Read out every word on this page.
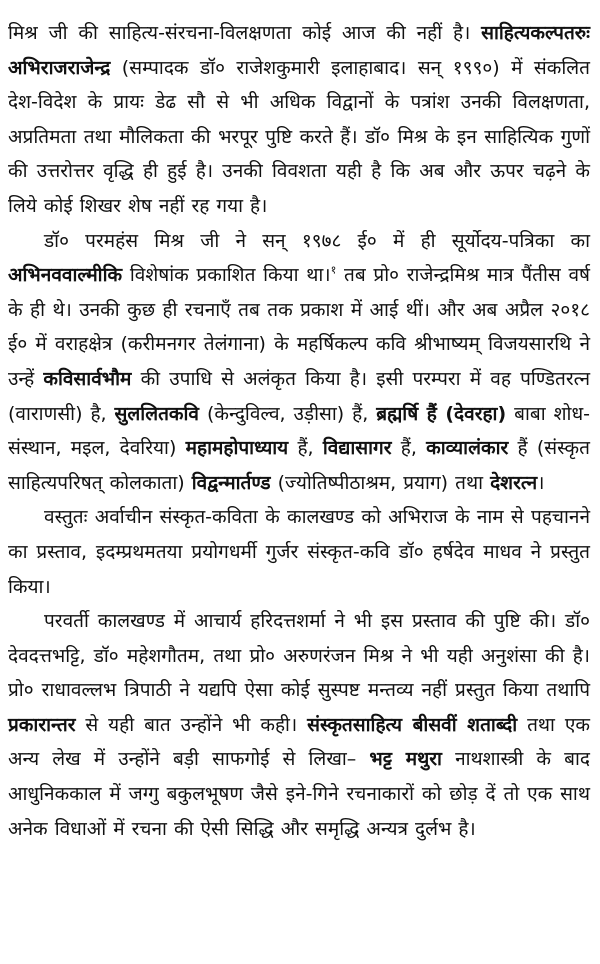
मिश्र जी की साहित्य-संरचना-विलक्षणता कोई आज की नहीं है। साहित्यकल्पतरुः अभिराजराजेन्द्र (सम्पादक डॉ० राजेशकुमारी इलाहाबाद। सन् १९९०) में संकलित देश-विदेश के प्रायः डेढ सौ से भी अधिक विद्वानों के पत्रांश उनकी विलक्षणता, अप्रतिमता तथा मौलिकता की भरपूर पुष्टि करते हैं। डॉ० मिश्र के इन साहित्यिक गुणों की उत्तरोत्तर वृद्धि ही हुई है। उनकी विवशता यही है कि अब और ऊपर चढ़ने के लिये कोई शिखर शेष नहीं रह गया है।

डॉ० परमहंस मिश्र जी ने सन् १९७८ ई० में ही सूर्योदय-पत्रिका का अभिनववाल्मीकि विशेषांक प्रकाशित किया था।$^१$ तब प्रो० राजेन्द्रमिश्र मात्र पैंतीस वर्ष के ही थे। उनकी कुछ ही रचनाएँ तब तक प्रकाश में आई थीं। और अब अप्रैल २०१८ ई० में वराहक्षेत्र (करीमनगर तेलंगाना) के महर्षिकल्प कवि श्रीभाष्यम् विजयसारथि ने उन्हें कविसार्वभौम की उपाधि से अलंकृत किया है। इसी परम्परा में वह पण्डितरत्न (वाराणसी) है, सुललितकवि (केन्दुविल्व, उड़ीसा) हैं, ब्रह्मर्षि हैं (देवरहा) बाबा शोध-संस्थान, मइल, देवरिया) महामहोपाध्याय हैं, विद्यासागर हैं, काव्यालंकार हैं (संस्कृत साहित्यपरिषत् कोलकाता) विद्वन्मार्तण्ड (ज्योतिष्पीठाश्रम, प्रयाग) तथा देशरत्न।

वस्तुतः अर्वाचीन संस्कृत-कविता के कालखण्ड को अभिराज के नाम से पहचानने का प्रस्ताव, इदम्प्रथमतया प्रयोगधर्मी गुर्जर संस्कृत-कवि डॉ० हर्षदेव माधव ने प्रस्तुत किया।

परवर्ती कालखण्ड में आचार्य हरिदत्तशर्मा ने भी इस प्रस्ताव की पुष्टि की। डॉ० देवदत्तभट्टि, डॉ० महेशगौतम, तथा प्रो० अरुणरंजन मिश्र ने भी यही अनुशंसा की है। प्रो० राधावल्लभ त्रिपाठी ने यद्यपि ऐसा कोई सुस्पष्ट मन्तव्य नहीं प्रस्तुत किया तथापि प्रकारान्तर से यही बात उन्होंने भी कही। संस्कृतसाहित्य बीसवीं शताब्दी तथा एक अन्य लेख में उन्होंने बड़ी साफगोई से लिखा– भट्ट मथुरा नाथशास्त्री के बाद आधुनिककाल में जग्गु बकुलभूषण जैसे इने-गिने रचनाकारों को छोड़ दें तो एक साथ अनेक विधाओं में रचना की ऐसी सिद्धि और समृद्धि अन्यत्र दुर्लभ है।
